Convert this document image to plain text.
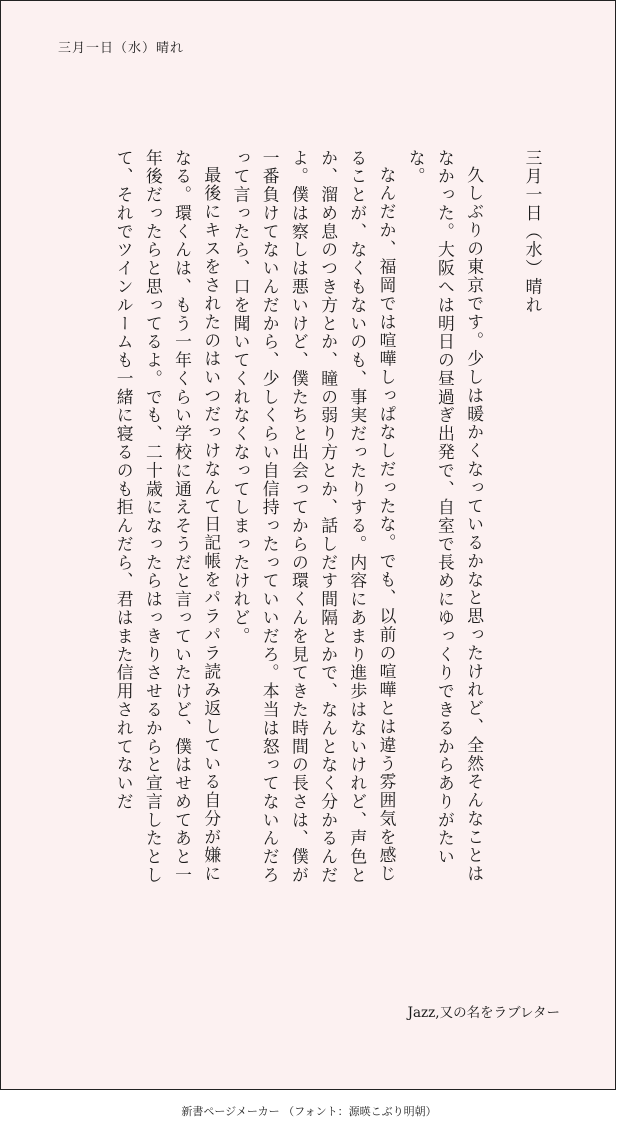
三月一日（水）晴れ

三月一日（水）晴れ

久しぶりの東京です。少しは暖かくなっているかなと思ったけれど、全然そんなことはなかった。大阪へは明日の昼過ぎ出発で、自室で長めにゆっくりできるからありがたいな。

なんだか、福岡では喧嘩しっぱなしだったな。でも、以前の喧嘩とは違う雰囲気を感じることが、なくもないのも、事実だったりする。内容にあまり進歩はないけれど、声色とか、溜め息のつき方とか、瞳の弱り方とか、話しだす間隔とかで、なんとなく分かるんだよ。僕は察しは悪いけど、僕たちと出会ってからの環くんを見てきた時間の長さは、僕が一番負けてないんだから、少しくらい自信持ったっていいだろ。本当は怒ってないんだろって言ったら、口を聞いてくれなくなってしまったけれど。

最後にキスをされたのはいつだっけなんて日記帳をパラパラ読み返している自分が嫌になる。環くんは、もう一年くらい学校に通えそうだと言っていたけど、僕はせめてあと一年後だったらと思ってるよ。でも、二十歳になったらはっきりさせるからと宣言したとして、それでツインルームも一緒に寝るのも拒んだら、君はまた信用されてないだ

Jazz,又の名をラブレター
新書ページメーカー （フォント：源暎こぶり明朝）
